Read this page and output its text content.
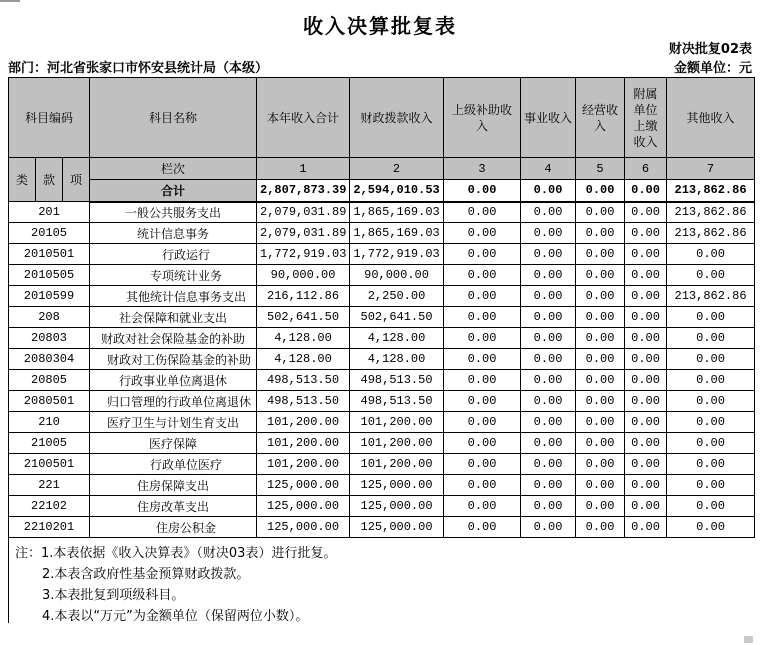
收入决算批复表
财决批复02表
部门：河北省张家口市怀安县统计局（本级）	金额单位：元
科目编码			科目名称	本年收入合计	财政拨款收入	上级补助收入	事业收入	经营收入	附属单位上缴收入	其他收入
类	款	项	栏次	1	2	3	4	5	6	7
			合计	2,807,873.39	2,594,010.53	0.00	0.00	0.00	0.00	213,862.86
201			一般公共服务支出	2,079,031.89	1,865,169.03	0.00	0.00	0.00	0.00	213,862.86
20105			统计信息事务	2,079,031.89	1,865,169.03	0.00	0.00	0.00	0.00	213,862.86
2010501			行政运行	1,772,919.03	1,772,919.03	0.00	0.00	0.00	0.00	0.00
2010505			专项统计业务	90,000.00	90,000.00	0.00	0.00	0.00	0.00	0.00
2010599			其他统计信息事务支出	216,112.86	2,250.00	0.00	0.00	0.00	0.00	213,862.86
208			社会保障和就业支出	502,641.50	502,641.50	0.00	0.00	0.00	0.00	0.00
20803			财政对社会保险基金的补助	4,128.00	4,128.00	0.00	0.00	0.00	0.00	0.00
2080304			财政对工伤保险基金的补助	4,128.00	4,128.00	0.00	0.00	0.00	0.00	0.00
20805			行政事业单位离退休	498,513.50	498,513.50	0.00	0.00	0.00	0.00	0.00
2080501			归口管理的行政单位离退休	498,513.50	498,513.50	0.00	0.00	0.00	0.00	0.00
210			医疗卫生与计划生育支出	101,200.00	101,200.00	0.00	0.00	0.00	0.00	0.00
21005			医疗保障	101,200.00	101,200.00	0.00	0.00	0.00	0.00	0.00
2100501			行政单位医疗	101,200.00	101,200.00	0.00	0.00	0.00	0.00	0.00
221			住房保障支出	125,000.00	125,000.00	0.00	0.00	0.00	0.00	0.00
22102			住房改革支出	125,000.00	125,000.00	0.00	0.00	0.00	0.00	0.00
2210201			住房公积金	125,000.00	125,000.00	0.00	0.00	0.00	0.00	0.00
注：1.本表依据《收入决算表》（财决03表）进行批复。
2.本表含政府性基金预算财政拨款。
3.本表批复到项级科目。
4.本表以“万元”为金额单位（保留两位小数）。
